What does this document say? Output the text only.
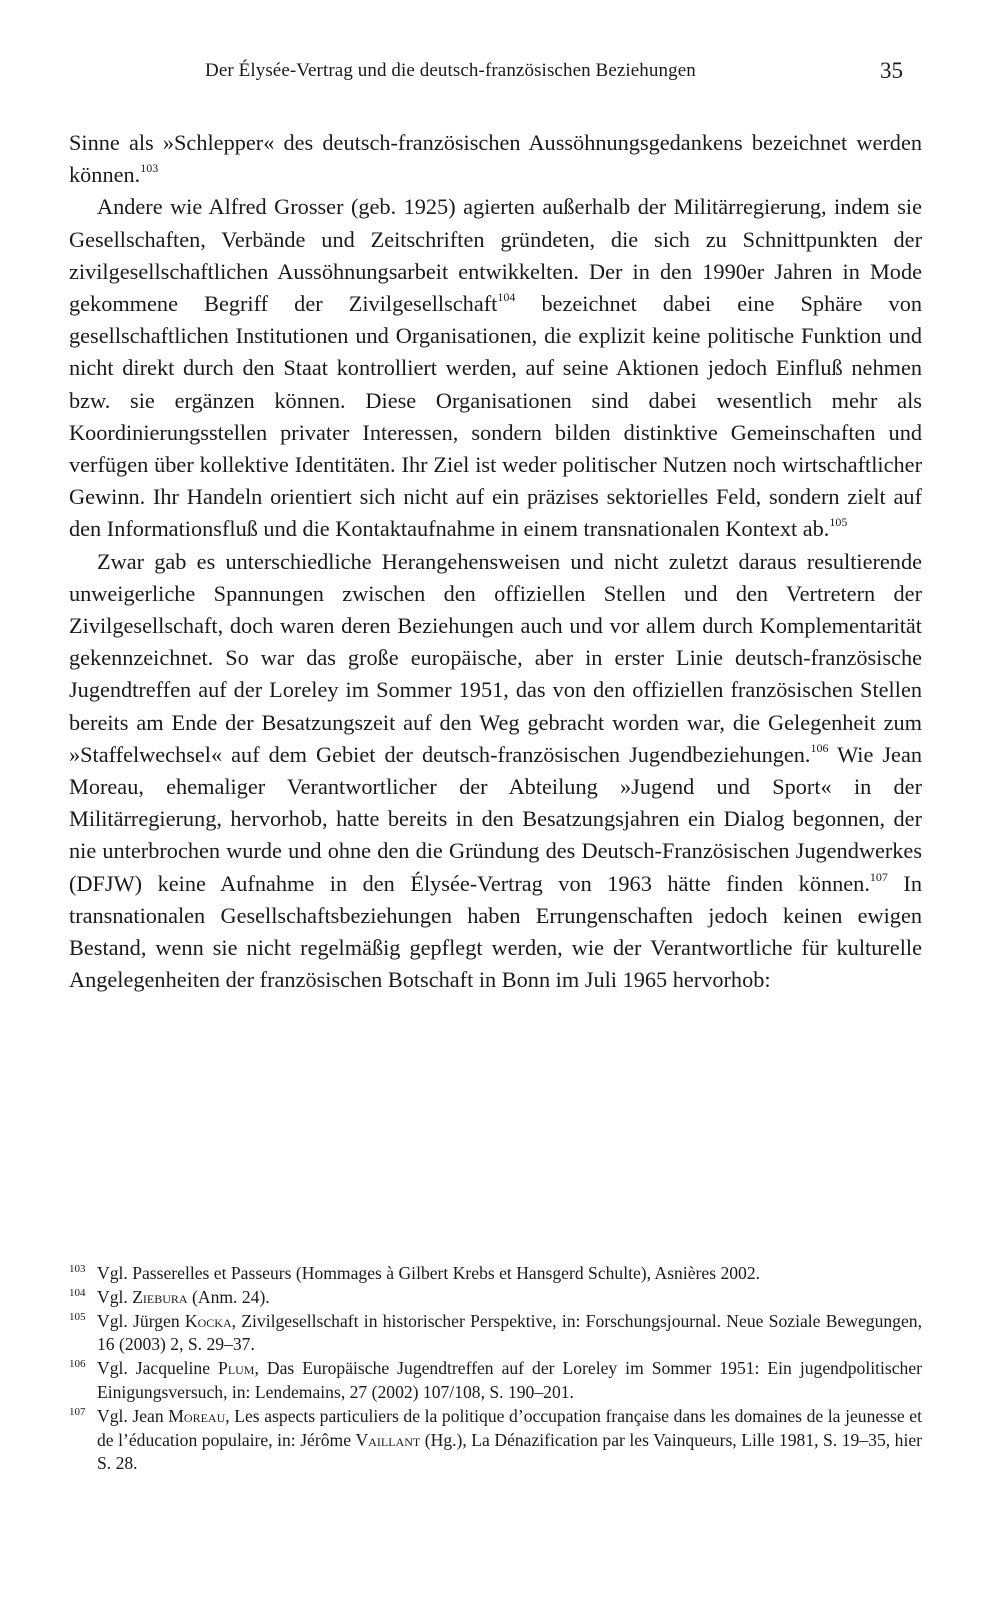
Der Élysée-Vertrag und die deutsch-französischen Beziehungen	35

Sinne als »Schlepper« des deutsch-französischen Aussöhnungsgedankens bezeichnet werden können.$^{103}$

Andere wie Alfred Grosser (geb. 1925) agierten außerhalb der Militärregierung, indem sie Gesellschaften, Verbände und Zeitschriften gründeten, die sich zu Schnittpunkten der zivilgesellschaftlichen Aussöhnungsarbeit entwikkelten. Der in den 1990er Jahren in Mode gekommene Begriff der Zivilgesellschaft$^{104}$ bezeichnet dabei eine Sphäre von gesellschaftlichen Institutionen und Organisationen, die explizit keine politische Funktion und nicht direkt durch den Staat kontrolliert werden, auf seine Aktionen jedoch Einfluß nehmen bzw. sie ergänzen können. Diese Organisationen sind dabei wesentlich mehr als Koordinierungsstellen privater Interessen, sondern bilden distinktive Gemeinschaften und verfügen über kollektive Identitäten. Ihr Ziel ist weder politischer Nutzen noch wirtschaftlicher Gewinn. Ihr Handeln orientiert sich nicht auf ein präzises sektorielles Feld, sondern zielt auf den Informationsfluß und die Kontaktaufnahme in einem transnationalen Kontext ab.$^{105}$

Zwar gab es unterschiedliche Herangehensweisen und nicht zuletzt daraus resultierende unweigerliche Spannungen zwischen den offiziellen Stellen und den Vertretern der Zivilgesellschaft, doch waren deren Beziehungen auch und vor allem durch Komplementarität gekennzeichnet. So war das große europäische, aber in erster Linie deutsch-französische Jugendtreffen auf der Loreley im Sommer 1951, das von den offiziellen französischen Stellen bereits am Ende der Besatzungszeit auf den Weg gebracht worden war, die Gelegenheit zum »Staffelwechsel« auf dem Gebiet der deutsch-französischen Jugendbeziehungen.$^{106}$ Wie Jean Moreau, ehemaliger Verantwortlicher der Abteilung »Jugend und Sport« in der Militärregierung, hervorhob, hatte bereits in den Besatzungsjahren ein Dialog begonnen, der nie unterbrochen wurde und ohne den die Gründung des Deutsch-Französischen Jugendwerkes (DFJW) keine Aufnahme in den Élysée-Vertrag von 1963 hätte finden können.$^{107}$ In transnationalen Gesellschaftsbeziehungen haben Errungenschaften jedoch keinen ewigen Bestand, wenn sie nicht regelmäßig gepflegt werden, wie der Verantwortliche für kulturelle Angelegenheiten der französischen Botschaft in Bonn im Juli 1965 hervorhob:

103 Vgl. Passerelles et Passeurs (Hommages à Gilbert Krebs et Hansgerd Schulte), Asnières 2002.
104 Vgl. Ziebura (Anm. 24).
105 Vgl. Jürgen Kocka, Zivilgesellschaft in historischer Perspektive, in: Forschungsjournal. Neue Soziale Bewegungen, 16 (2003) 2, S. 29–37.
106 Vgl. Jacqueline Plum, Das Europäische Jugendtreffen auf der Loreley im Sommer 1951: Ein jugendpolitischer Einigungsversuch, in: Lendemains, 27 (2002) 107/108, S. 190–201.
107 Vgl. Jean Moreau, Les aspects particuliers de la politique d’occupation française dans les domaines de la jeunesse et de l’éducation populaire, in: Jérôme Vaillant (Hg.), La Dénazification par les Vainqueurs, Lille 1981, S. 19–35, hier S. 28.
